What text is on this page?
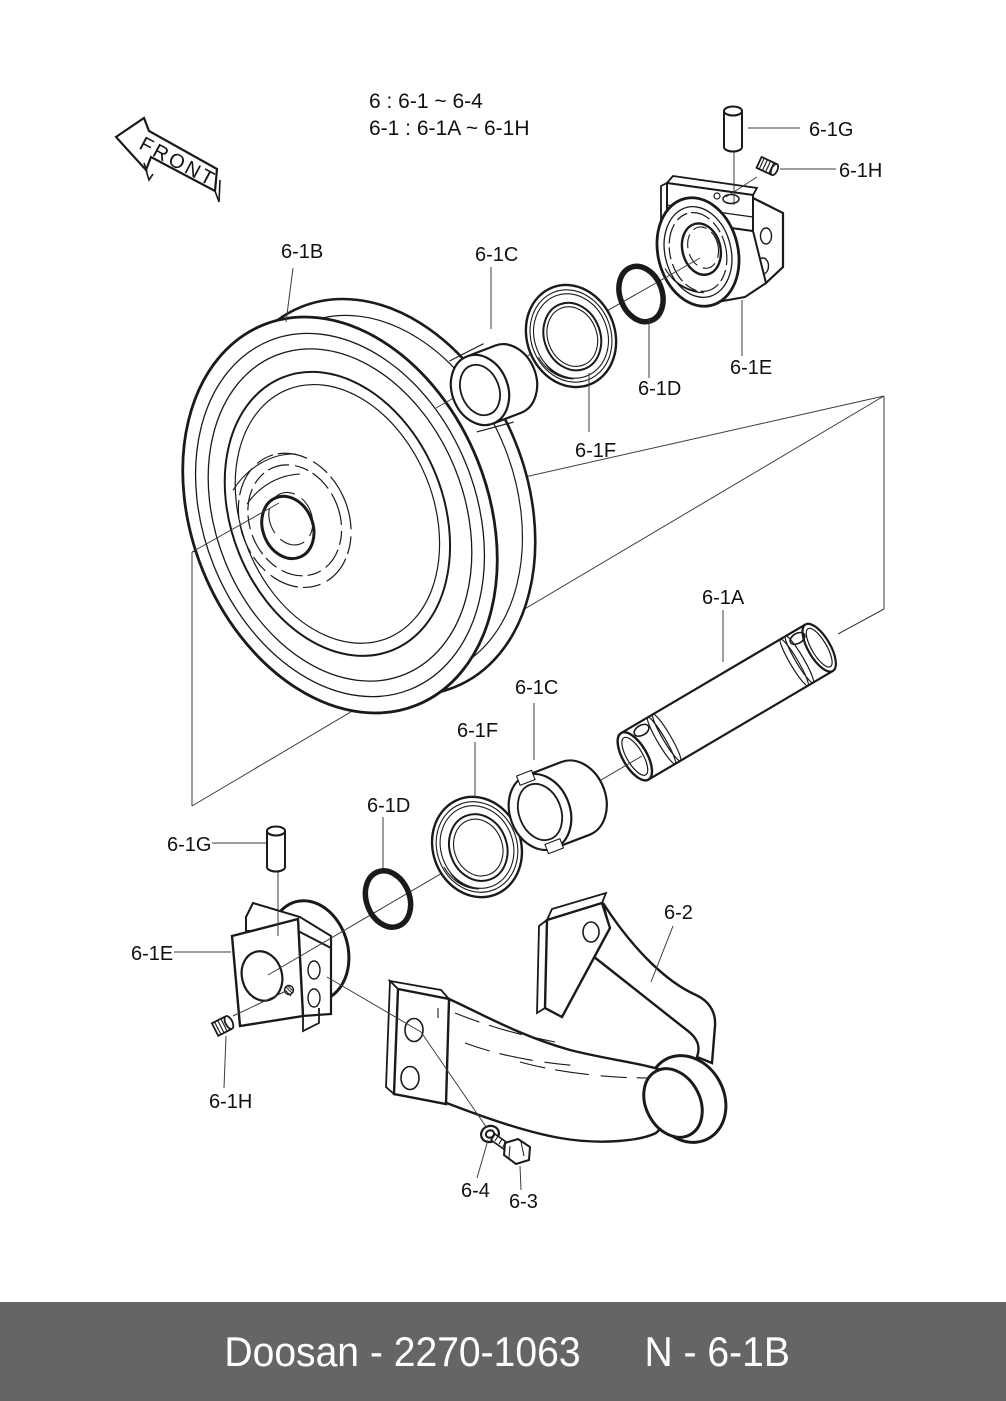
FRONT
6 : 6-1 ~ 6-4
6-1 : 6-1A ~ 6-1H
6-1B	6-1C
6-1F
6-1D
6-1G
6-1H
6-1E
6-1A
6-1C
6-1F
6-1D
6-1G
6-1E
6-1H
6-2
6-4 6-3
Doosan - 2270-1063 N - 6-1B
